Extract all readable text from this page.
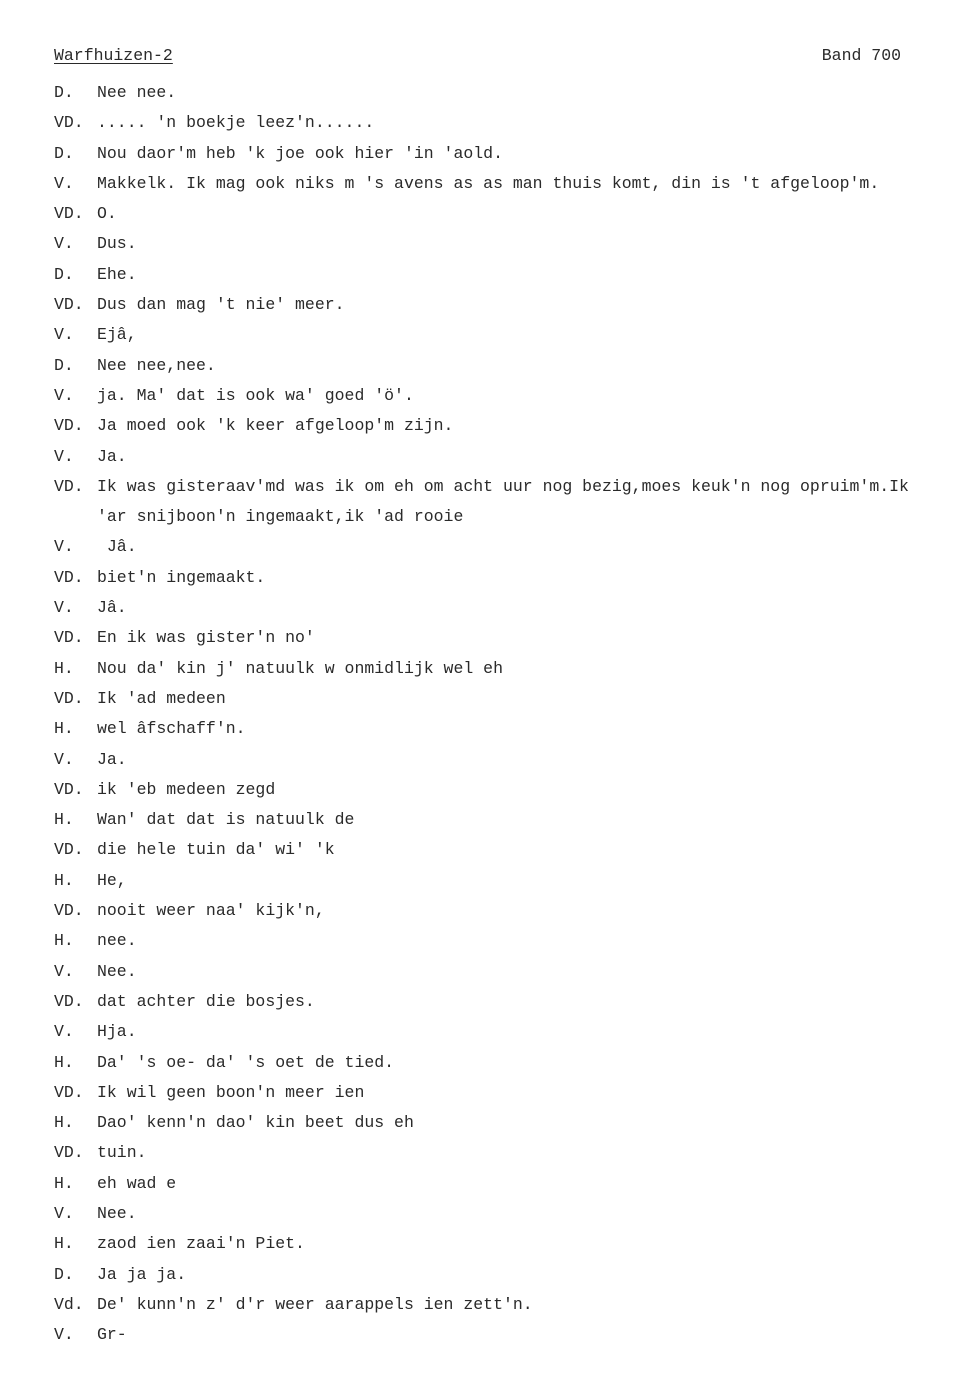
Warfhuizen-2	Band 700
D.	Nee nee.
VD. ..... 'n boekje leez'n......
D.	Nou daor'm heb 'k joe ook hier 'in 'aold.
V.	Makkelk. Ik mag ook niks m 's avens as as man thuis komt, din is 't afgeloop'm.
VD. O.
V.	Dus.
D.	Ehe.
VD. Dus dan mag 't nie' meer.
V.	Ejâ,
D.	Nee nee,nee.
V.	ja. Ma' dat is ook wa' goed 'ö'.
VD. Ja moed ook 'k keer afgeloop'm zijn.
V.	Ja.
VD. Ik was gisteraav'md was ik om eh om acht uur nog bezig,moes keuk'n nog opruim'm.Ik
'ar snijboon'n ingemaakt,ik 'ad rooie
V.	Jâ.
VD. biet'n ingemaakt.
V.	Jâ.
VD. En ik was gister'n no'
H.	Nou da' kin j' natuulk w onmidlijk wel eh
VD. Ik 'ad medeen
H.	wel âfschaff'n.
V.	Ja.
VD. ik 'eb medeen zegd
H.	Wan' dat dat is natuulk de
VD. die hele tuin da' wi' 'k
H.	He,
VD. nooit weer naa' kijk'n,
H.	nee.
V.	Nee.
VD. dat achter die bosjes.
V.	Hja.
H.	Da' 's oe- da' 's oet de tied.
VD. Ik wil geen boon'n meer ien
H.	Dao' kenn'n dao' kin beet dus eh
VD. tuin.
H.	eh wad e
V.	Nee.
H.	zaod ien zaai'n Piet.
D.	Ja ja ja.
Vd. De' kunn'n z' d'r weer aarappels ien zett'n.
V.	Gr-
